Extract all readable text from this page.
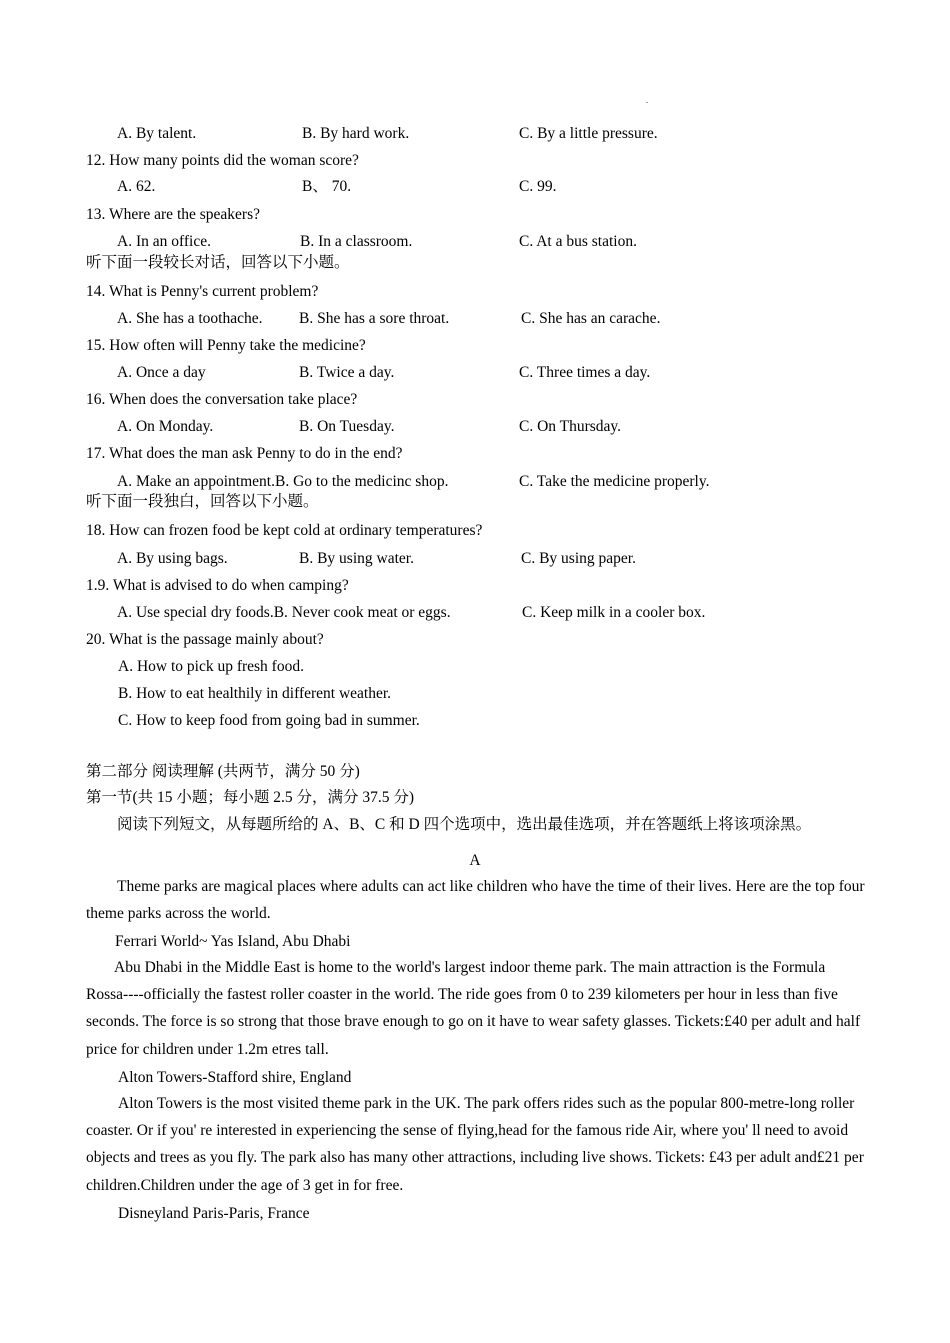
.
A. By talent.	B. By hard work.	C. By a little pressure.
12. How many points did the woman score?
A. 62.	B、 70.	C. 99.
13. Where are the speakers?
A. In an office.	B. In a classroom.	C. At a bus station.
听下面一段较长对话，回答以下小题。
14. What is Penny's current problem?
A. She has a toothache. B. She has a sore throat.	C. She has an carache.
15. How often will Penny take the medicine?
A. Once a day	B. Twice a day.	C. Three times a day.
16. When does the conversation take place?
A. On Monday.	B. On Tuesday.	C. On Thursday.
17. What does the man ask Penny to do in the end?
A. Make an appointment.B. Go to the medicinc shop.	C. Take the medicine properly.
听下面一段独白，回答以下小题。
18. How can frozen food be kept cold at ordinary temperatures?
A. By using bags.	B. By using water.	C. By using paper.
1.9. What is advised to do when camping?
A. Use special dry foods.B. Never cook meat or eggs.	C. Keep milk in a cooler box.
20. What is the passage mainly about?
A. How to pick up fresh food.
B. How to eat healthily in different weather.
C. How to keep food from going bad in summer.
第二部分 阅读理解 (共两节，满分 50 分)
第一节(共 15 小题；每小题 2.5 分，满分 37.5 分)
阅读下列短文，从每题所给的 A、B、C 和 D 四个选项中，选出最佳选项，并在答题纸上将该项涂黑。
A
Theme parks are magical places where adults can act like children who have the time of their lives. Here are the top four theme parks across the world.
Ferrari World~ Yas Island, Abu Dhabi
Abu Dhabi in the Middle East is home to the world's largest indoor theme park. The main attraction is the Formula Rossa----officially the fastest roller coaster in the world. The ride goes from 0 to 239 kilometers per hour in less than five seconds. The force is so strong that those brave enough to go on it have to wear safety glasses. Tickets:£40 per adult and half price for children under 1.2m etres tall.
Alton Towers-Stafford shire, England
Alton Towers is the most visited theme park in the UK. The park offers rides such as the popular 800-metre-long roller coaster. Or if you' re interested in experiencing the sense of flying,head for the famous ride Air, where you' ll need to avoid objects and trees as you fly. The park also has many other attractions, including live shows. Tickets: £43 per adult and£21 per children.Children under the age of 3 get in for free.
Disneyland Paris-Paris, France
